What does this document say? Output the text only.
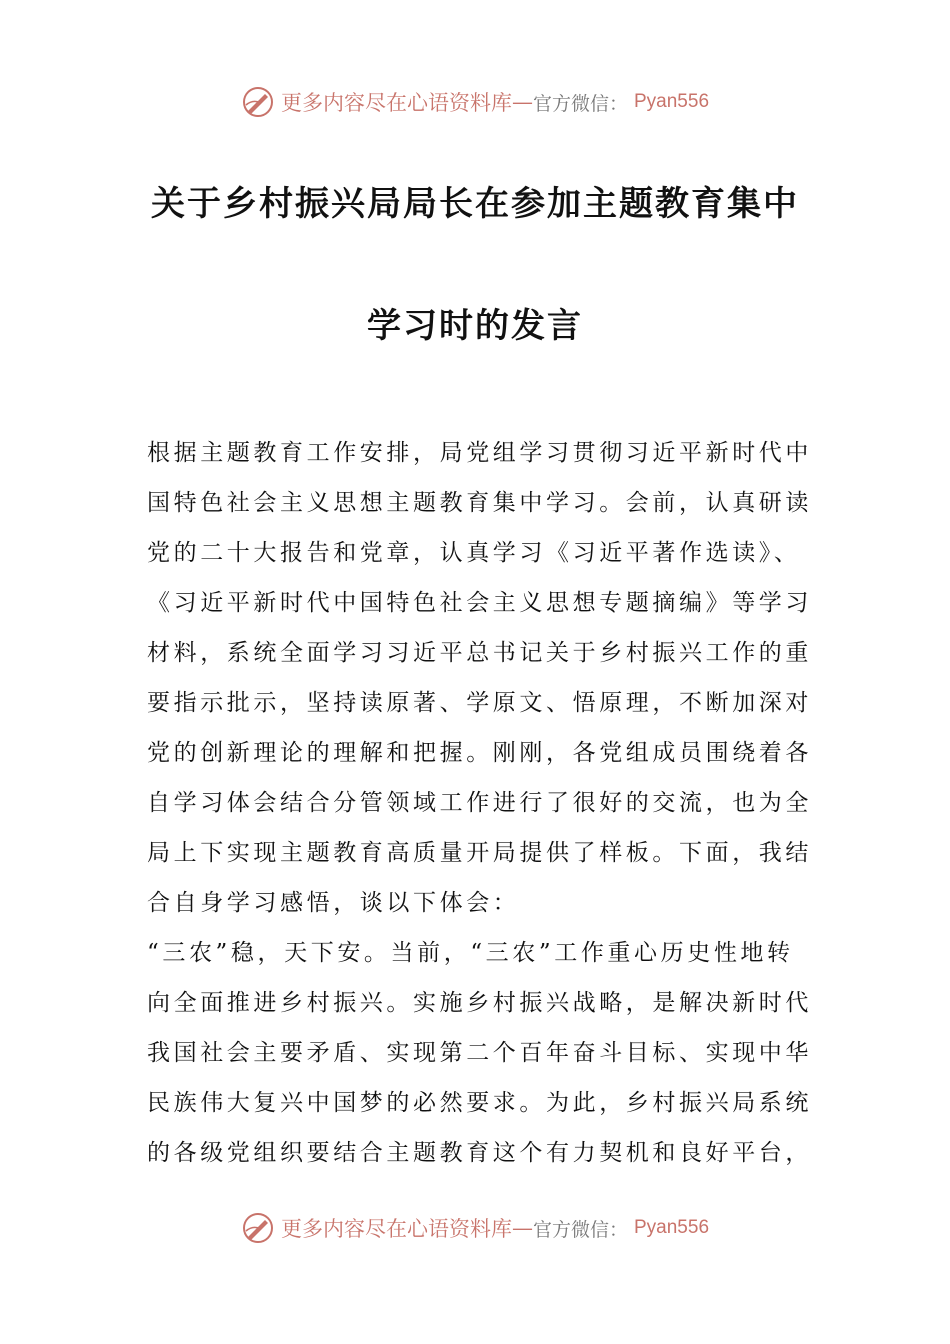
更多内容尽在心语资料库 — 官方微信： Pyan556
关于乡村振兴局局长在参加主题教育集中
学习时的发言
根据主题教育工作安排，局党组学习贯彻习近平新时代中
国特色社会主义思想主题教育集中学习。会前，认真研读
党的二十大报告和党章，认真学习《习近平著作选读》、
《习近平新时代中国特色社会主义思想专题摘编》等学习
材料，系统全面学习习近平总书记关于乡村振兴工作的重
要指示批示，坚持读原著、学原文、悟原理，不断加深对
党的创新理论的理解和把握。刚刚，各党组成员围绕着各
自学习体会结合分管领域工作进行了很好的交流，也为全
局上下实现主题教育高质量开局提供了样板。下面，我结
合自身学习感悟，谈以下体会：
“三农”稳，天下安。当前，“三农”工作重心历史性地转
向全面推进乡村振兴。实施乡村振兴战略，是解决新时代
我国社会主要矛盾、实现第二个百年奋斗目标、实现中华
民族伟大复兴中国梦的必然要求。为此，乡村振兴局系统
的各级党组织要结合主题教育这个有力契机和良好平台，
更多内容尽在心语资料库 — 官方微信： Pyan556
